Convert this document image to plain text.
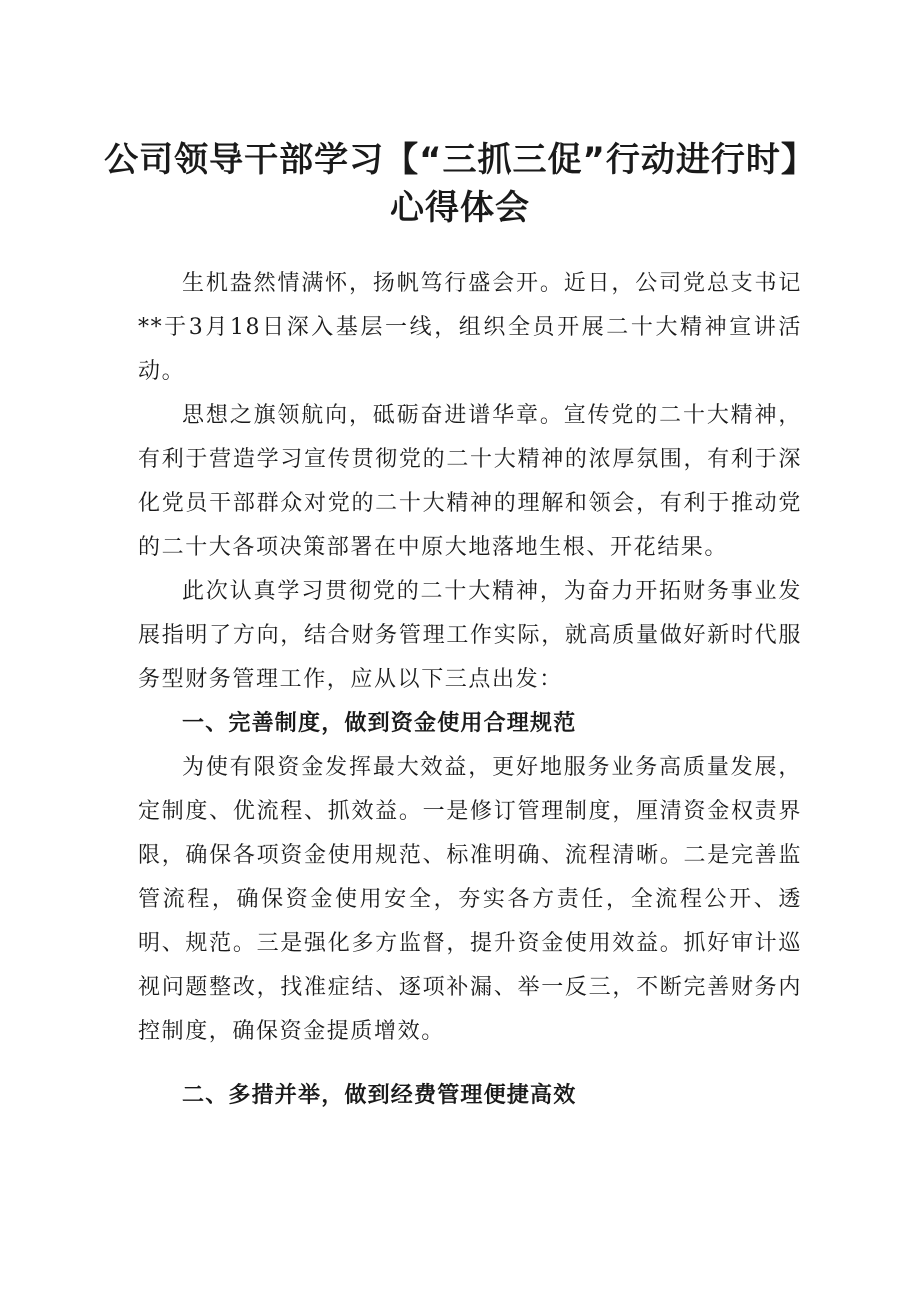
公司领导干部学习【“三抓三促”行动进行时】
心得体会

生机盎然情满怀，扬帆笃行盛会开。近日，公司党总支书记**于3月18日深入基层一线，组织全员开展二十大精神宣讲活动。

思想之旗领航向，砥砺奋进谱华章。宣传党的二十大精神，有利于营造学习宣传贯彻党的二十大精神的浓厚氛围，有利于深化党员干部群众对党的二十大精神的理解和领会，有利于推动党的二十大各项决策部署在中原大地落地生根、开花结果。

此次认真学习贯彻党的二十大精神，为奋力开拓财务事业发展指明了方向，结合财务管理工作实际，就高质量做好新时代服务型财务管理工作，应从以下三点出发：

一、完善制度，做到资金使用合理规范

为使有限资金发挥最大效益，更好地服务业务高质量发展，定制度、优流程、抓效益。一是修订管理制度，厘清资金权责界限，确保各项资金使用规范、标准明确、流程清晰。二是完善监管流程，确保资金使用安全，夯实各方责任，全流程公开、透明、规范。三是强化多方监督，提升资金使用效益。抓好审计巡视问题整改，找准症结、逐项补漏、举一反三，不断完善财务内控制度，确保资金提质增效。

二、多措并举，做到经费管理便捷高效
